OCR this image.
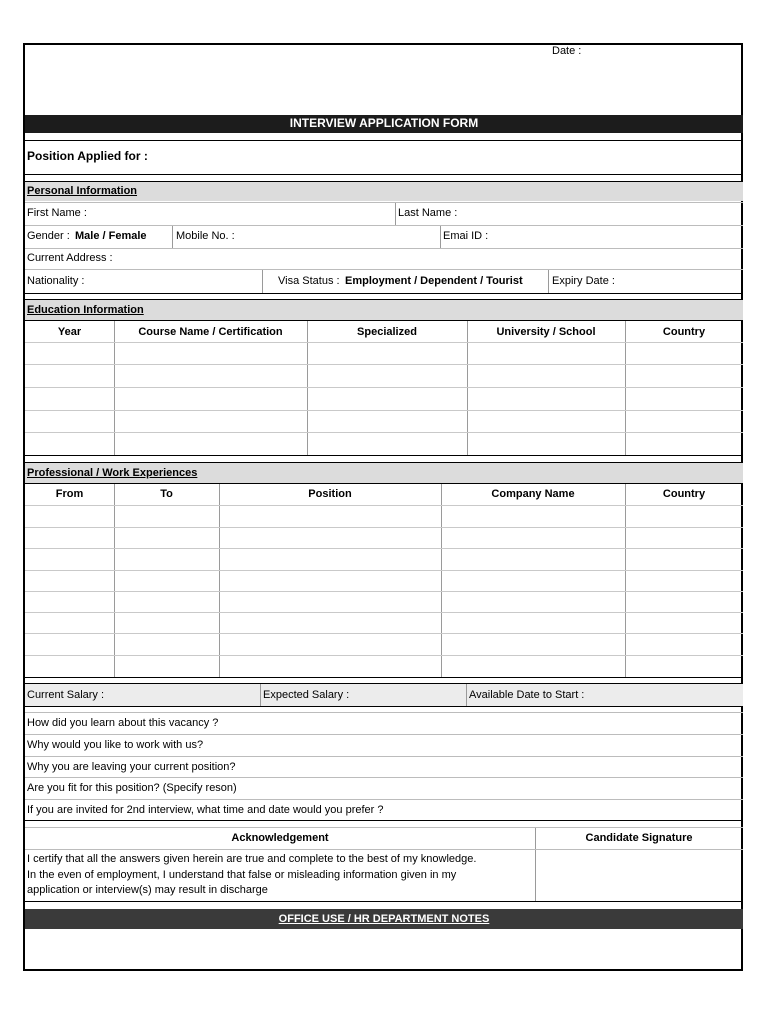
Date :
INTERVIEW APPLICATION FORM
Position Applied for :
Personal Information
First Name :	Last Name :
Gender : Male / Female	Mobile No. :	Emai ID :
Current Address :
Nationality :	Visa Status : Employment / Dependent / Tourist	Expiry Date :
Education Information
Year	Course Name / Certification	Specialized	University / School	Country
Professional / Work Experiences
From	To	Position	Company Name	Country
Current Salary :	Expected Salary :	Available Date to Start :
How did you learn about this vacancy ?
Why would you like to work with us?
Why you are leaving your current position?
Are you fit for this position? (Specify reson)
If you are invited for 2nd interview, what time and date would you prefer ?
Acknowledgement	Candidate Signature
I certify that all the answers given herein are true and complete to the best of my knowledge.
In the even of employment, I understand that false or misleading information given in my
application or interview(s) may result in discharge
OFFICE USE / HR DEPARTMENT NOTES
